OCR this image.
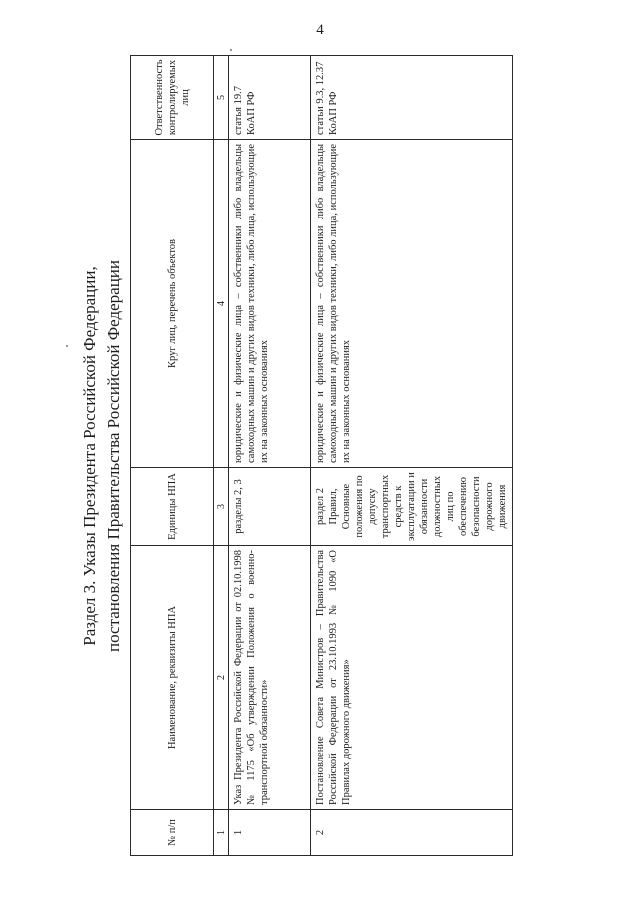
4
Раздел 3. Указы Президента Российской Федерации, постановления Правительства Российской Федерации
№ п/п	Наименование, реквизиты НПА	Единицы НПА	Круг лиц, перечень объектов	Ответственность контролируемых лиц
1	2	3	4	5
1	Указ Президента Российской Федерации от 02.10.1998 № 1175 «Об утверждении Положения о военно-транспортной обязанности»	разделы 2, 3	юридические и физические лица – собственники либо владельцы самоходных машин и других видов техники, либо лица, использующие их на законных основаниях	статья 19.7 КоАП РФ
2	Постановление Совета Министров – Правительства Российской Федерации от 23.10.1993 № 1090 «О Правилах дорожного движения»	раздел 2 Правил, Основные положения по допуску транспортных средств к эксплуатации и обязанности должностных лиц по обеспечению безопасности дорожного движения	юридические и физические лица – собственники либо владельцы самоходных машин и других видов техники, либо лица, использующие их на законных основаниях	статьи 9.3, 12.37 КоАП РФ
